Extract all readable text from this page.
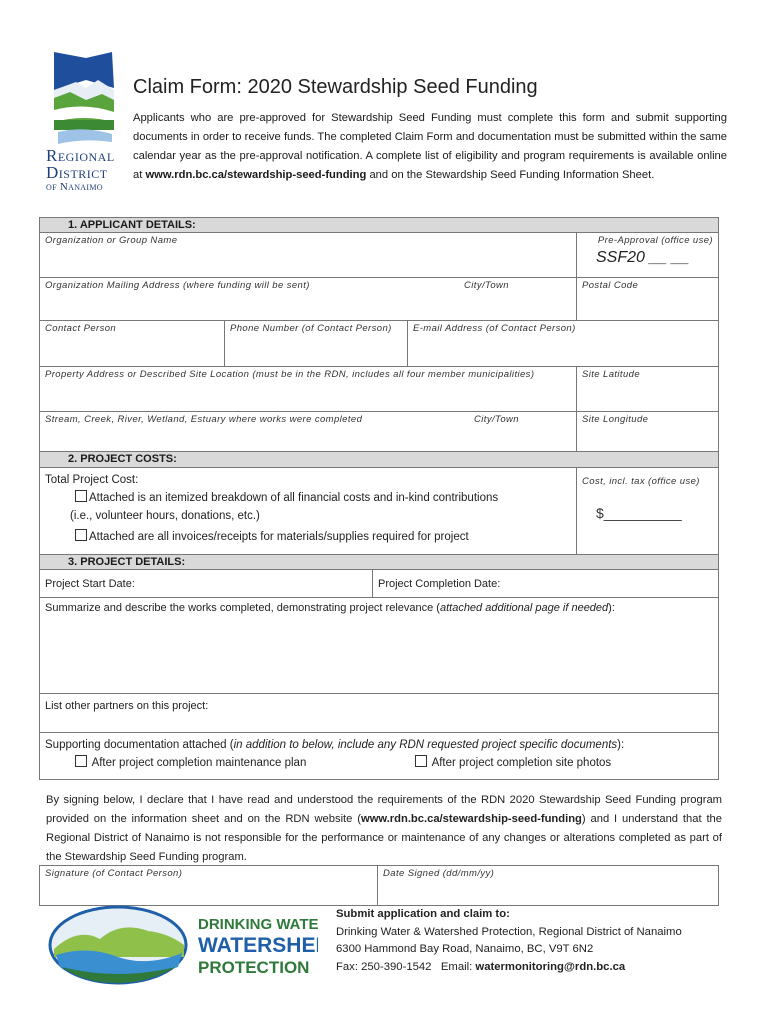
Regional
District
of Nanaimo
Claim Form: 2020 Stewardship Seed Funding
Applicants who are pre-approved for Stewardship Seed Funding must complete this form and submit supporting documents in order to receive funds. The completed Claim Form and documentation must be submitted within the same calendar year as the pre-approval notification. A complete list of eligibility and program requirements is available online at www.rdn.bc.ca/stewardship-seed-funding and on the Stewardship Seed Funding Information Sheet.
1. APPLICANT DETAILS:
Organization or Group Name	Pre-Approval (office use)
SSF20 __ __
Organization Mailing Address (where funding will be sent)	City/Town	Postal Code
Contact Person	Phone Number (of Contact Person)	E-mail Address (of Contact Person)
Property Address or Described Site Location (must be in the RDN, includes all four member municipalities)	Site Latitude
Stream, Creek, River, Wetland, Estuary where works were completed	City/Town	Site Longitude
2. PROJECT COSTS:
Total Project Cost:
Attached is an itemized breakdown of all financial costs and in-kind contributions
(i.e., volunteer hours, donations, etc.)
Attached are all invoices/receipts for materials/supplies required for project
Cost, incl. tax (office use)
$__________
3. PROJECT DETAILS:
Project Start Date:	Project Completion Date:
Summarize and describe the works completed, demonstrating project relevance (attached additional page if needed):
List other partners on this project:
Supporting documentation attached (in addition to below, include any RDN requested project specific documents):
After project completion maintenance plan	After project completion site photos
By signing below, I declare that I have read and understood the requirements of the RDN 2020 Stewardship Seed Funding program provided on the information sheet and on the RDN website (www.rdn.bc.ca/stewardship-seed-funding) and I understand that the Regional District of Nanaimo is not responsible for the performance or maintenance of any changes or alterations completed as part of the Stewardship Seed Funding program.
Signature (of Contact Person)	Date Signed (dd/mm/yy)
DRINKING WATER
WATERSHED
PROTECTION
Submit application and claim to:
Drinking Water & Watershed Protection, Regional District of Nanaimo
6300 Hammond Bay Road, Nanaimo, BC, V9T 6N2
Fax: 250-390-1542 Email: watermonitoring@rdn.bc.ca
